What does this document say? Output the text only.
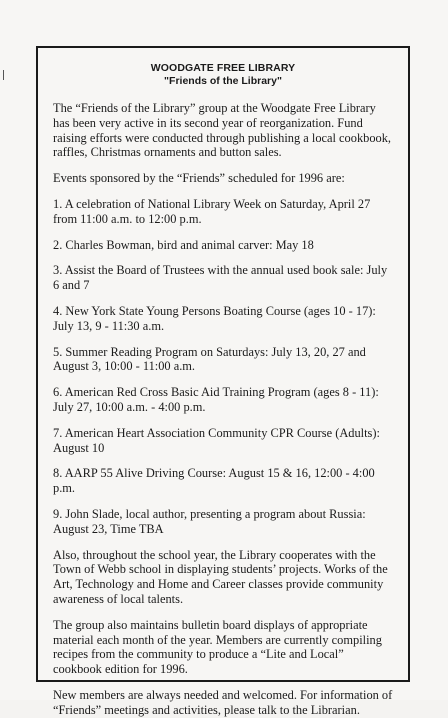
WOODGATE FREE LIBRARY
"Friends of the Library"

The “Friends of the Library” group at the Woodgate Free Library has been very active in its second year of reorganization. Fund raising efforts were conducted through publishing a local cookbook, raffles, Christmas ornaments and button sales.

Events sponsored by the “Friends” scheduled for 1996 are:

1. A celebration of National Library Week on Saturday, April 27 from 11:00 a.m. to 12:00 p.m.

2. Charles Bowman, bird and animal carver: May 18

3. Assist the Board of Trustees with the annual used book sale: July 6 and 7

4. New York State Young Persons Boating Course (ages 10 - 17): July 13, 9 - 11:30 a.m.

5. Summer Reading Program on Saturdays: July 13, 20, 27 and August 3, 10:00 - 11:00 a.m.

6. American Red Cross Basic Aid Training Program (ages 8 - 11): July 27, 10:00 a.m. - 4:00 p.m.

7. American Heart Association Community CPR Course (Adults): August 10

8. AARP 55 Alive Driving Course: August 15 & 16, 12:00 - 4:00 p.m.

9. John Slade, local author, presenting a program about Russia: August 23, Time TBA

Also, throughout the school year, the Library cooperates with the Town of Webb school in displaying students’ projects. Works of the Art, Technology and Home and Career classes provide community awareness of local talents.

The group also maintains bulletin board displays of appropriate material each month of the year. Members are currently compiling recipes from the community to produce a “Lite and Local” cookbook edition for 1996.

New members are always needed and welcomed. For information of “Friends” meetings and activities, please talk to the Librarian.
